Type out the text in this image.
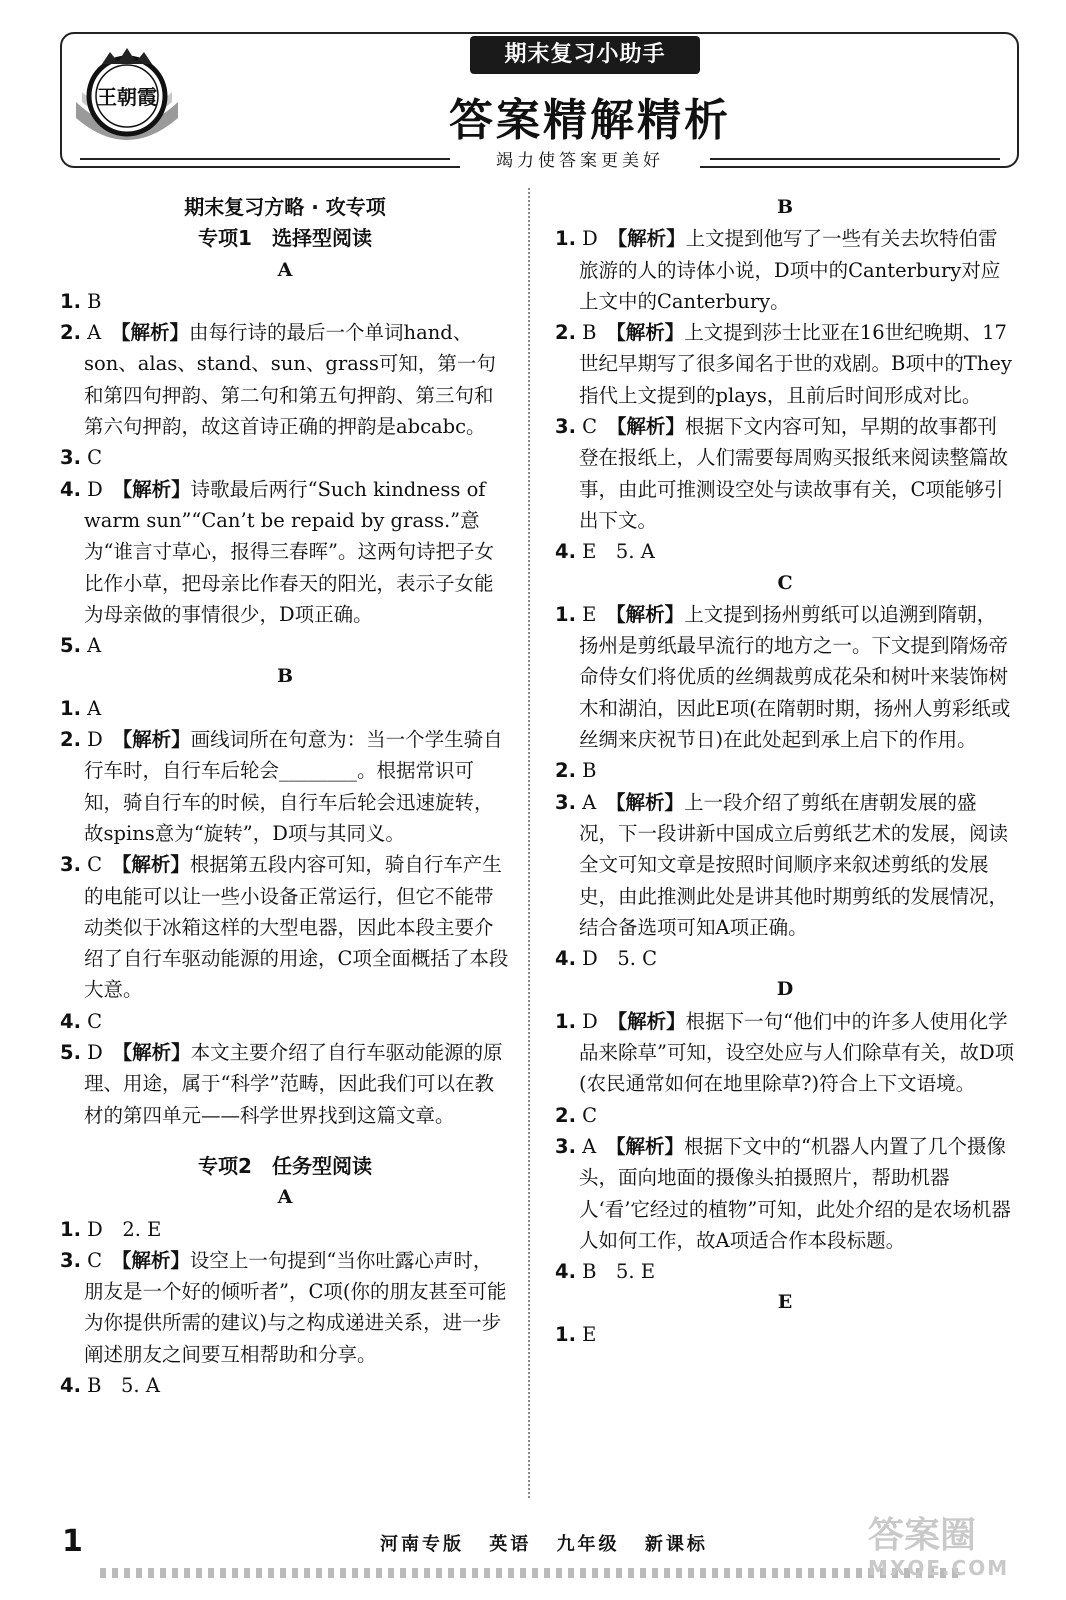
王朝霞
期末复习小助手
答案精解精析
竭力使答案更美好
期末复习方略 · 攻专项
专项1　选择型阅读
A
1. B
2. A　【解析】由每行诗的最后一个单词hand、son、alas、stand、sun、grass可知，第一句和第四句押韵、第二句和第五句押韵、第三句和第六句押韵，故这首诗正确的押韵是abcabc。
3. C
4. D　【解析】诗歌最后两行“Such kindness of warm sun”“Can’t be repaid by grass.”意为“谁言寸草心，报得三春晖”。这两句诗把子女比作小草，把母亲比作春天的阳光，表示子女能为母亲做的事情很少，D项正确。
5. A
B
1. A
2. D　【解析】画线词所在句意为：当一个学生骑自行车时，自行车后轮会________。根据常识可知，骑自行车的时候，自行车后轮会迅速旋转，故spins意为“旋转”，D项与其同义。
3. C　【解析】根据第五段内容可知，骑自行车产生的电能可以让一些小设备正常运行，但它不能带动类似于冰箱这样的大型电器，因此本段主要介绍了自行车驱动能源的用途，C项全面概括了本段大意。
4. C
5. D　【解析】本文主要介绍了自行车驱动能源的原理、用途，属于“科学”范畴，因此我们可以在教材的第四单元——科学世界找到这篇文章。
专项2　任务型阅读
A
1. D　2. E
3. C　【解析】设空上一句提到“当你吐露心声时，朋友是一个好的倾听者”，C项(你的朋友甚至可能为你提供所需的建议)与之构成递进关系，进一步阐述朋友之间要互相帮助和分享。
4. B　5. A
B
1. D　【解析】上文提到他写了一些有关去坎特伯雷旅游的人的诗体小说，D项中的Canterbury对应上文中的Canterbury。
2. B　【解析】上文提到莎士比亚在16世纪晚期、17世纪早期写了很多闻名于世的戏剧。B项中的They指代上文提到的plays，且前后时间形成对比。
3. C　【解析】根据下文内容可知，早期的故事都刊登在报纸上，人们需要每周购买报纸来阅读整篇故事，由此可推测设空处与读故事有关，C项能够引出下文。
4. E　5. A
C
1. E　【解析】上文提到扬州剪纸可以追溯到隋朝，扬州是剪纸最早流行的地方之一。下文提到隋炀帝命侍女们将优质的丝绸裁剪成花朵和树叶来装饰树木和湖泊，因此E项(在隋朝时期，扬州人剪彩纸或丝绸来庆祝节日)在此处起到承上启下的作用。
2. B
3. A　【解析】上一段介绍了剪纸在唐朝发展的盛况，下一段讲新中国成立后剪纸艺术的发展，阅读全文可知文章是按照时间顺序来叙述剪纸的发展史，由此推测此处是讲其他时期剪纸的发展情况，结合备选项可知A项正确。
4. D　5. C
D
1. D　【解析】根据下一句“他们中的许多人使用化学品来除草”可知，设空处应与人们除草有关，故D项(农民通常如何在地里除草?)符合上下文语境。
2. C
3. A　【解析】根据下文中的“机器人内置了几个摄像头，面向地面的摄像头拍摄照片，帮助机器人‘看’它经过的植物”可知，此处介绍的是农场机器人如何工作，故A项适合作本段标题。
4. B　5. E
E
1. E
1	河南专版 英语 九年级 新课标	答案圈
MXQE.COM
